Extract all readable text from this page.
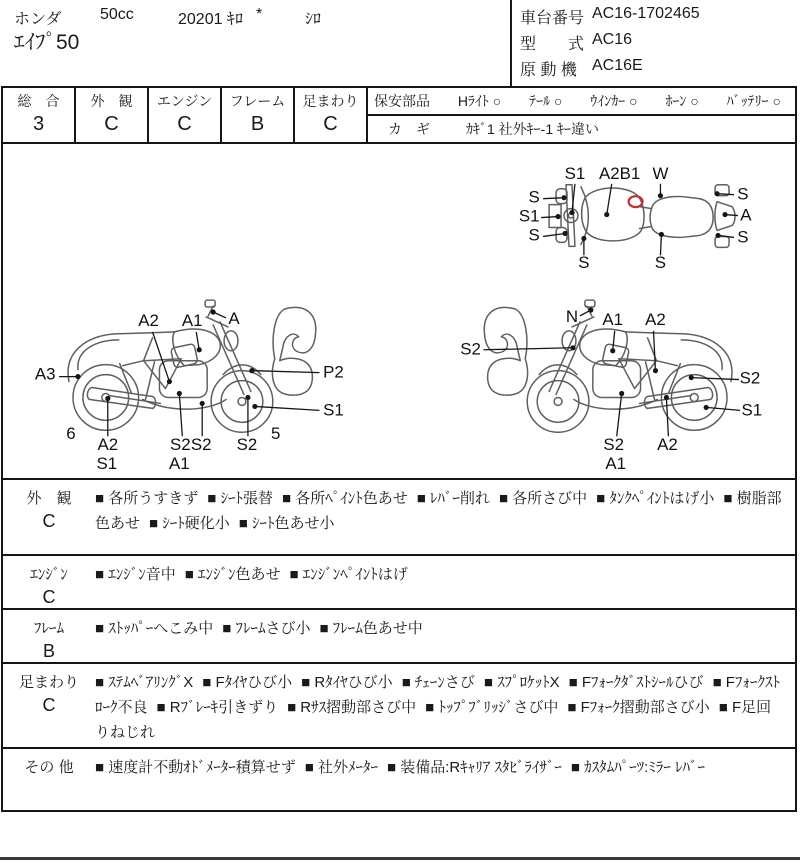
ホンダ 50cc	20201 ｷﾛ *	ｼﾛ
ｴｲﾌﾟ50
車台番号 AC16-1702465
型　　式 AC16
原 動 機 AC16E
総　合
3
外　観
C
エンジン
C
フレーム
B
足まわり
C
保安部品 Hﾗｲﾄ ○ ﾃｰﾙ ○ ｳｲﾝｶｰ ○ ﾎｰﾝ ○ ﾊﾞｯﾃﾘｰ ○
カギ ｶｷﾞ1 社外ｷｰ-1 ｷｰ違い
S1 A2B1 W
S
S1
S
S	S
S
A
S
A2 A1 A
A3	P2
S1
6
A2
S1
S2 S2
A1
S2
5
N A1 A2
S2
S2
S1
S2
A1
A2
外　観
C
■ 各所うすきず ■ ｼｰﾄ張替 ■ 各所ﾍﾟｲﾝﾄ色あせ ■ ﾚﾊﾞｰ削れ ■ 各所さび中 ■ ﾀﾝｸﾍﾟｲﾝﾄはげ小 ■ 樹脂部色あせ ■ ｼｰﾄ硬化小 ■ ｼｰﾄ色あせ小
ｴﾝｼﾞﾝ
C
■ ｴﾝｼﾞﾝ音中 ■ ｴﾝｼﾞﾝ色あせ ■ ｴﾝｼﾞﾝﾍﾟｲﾝﾄはげ
ﾌﾚｰﾑ
B
■ ｽﾄｯﾊﾟｰへこみ中 ■ ﾌﾚｰﾑさび小 ■ ﾌﾚｰﾑ色あせ中
足まわり
C
■ ｽﾃﾑﾍﾞｱﾘﾝｸﾞX ■ Fﾀｲﾔひび小 ■ Rﾀｲﾔひび小 ■ ﾁｪｰﾝさび ■ ｽﾌﾟﾛｹｯﾄX ■ Fﾌｫｰｸﾀﾞｽﾄｼｰﾙひび ■ Fﾌｫｰｸｽﾄﾛｰｸ不良 ■ Rﾌﾞﾚｰｷ引きずり ■ Rｻｽ摺動部さび中 ■ ﾄｯﾌﾟﾌﾞﾘｯｼﾞさび中 ■ Fﾌｫｰｸ摺動部さび小 ■ F足回りねじれ
その 他	■ 速度計不動ｵﾄﾞﾒｰﾀｰ積算せず ■ 社外ﾒｰﾀｰ ■ 装備品:Rｷｬﾘｱ ｽﾀﾋﾞﾗｲｻﾞｰ ■ ｶｽﾀﾑﾊﾟｰﾂ:ﾐﾗｰ ﾚﾊﾞｰ
